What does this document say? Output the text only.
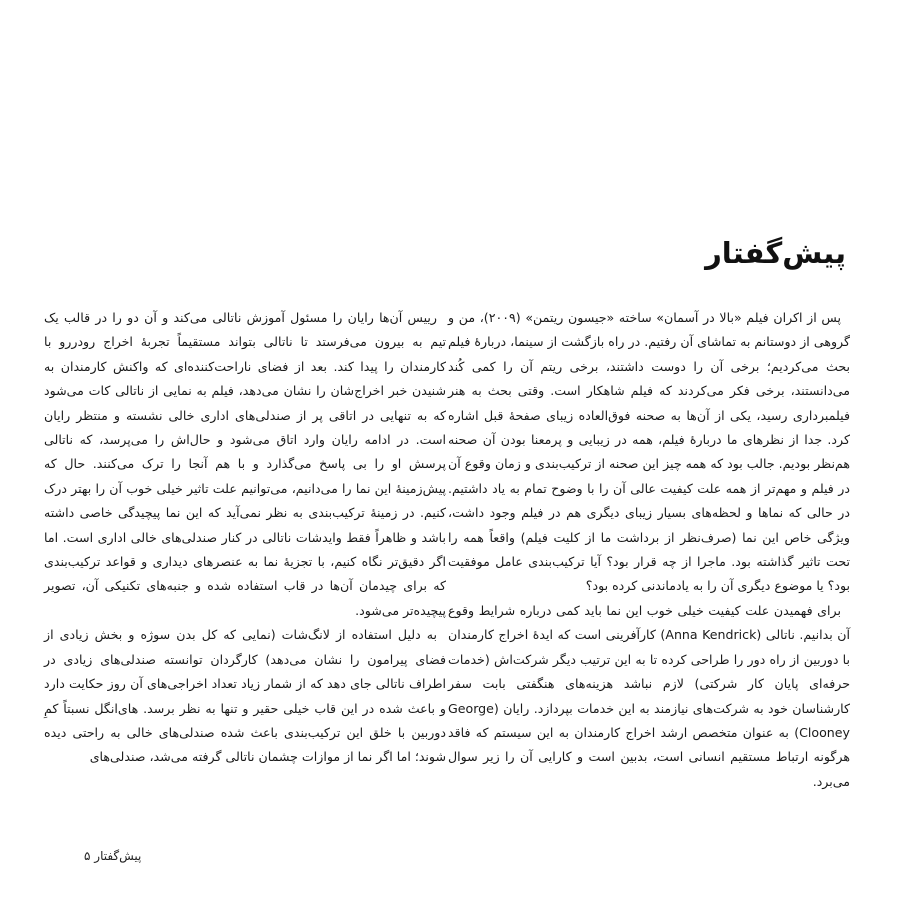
پیش‌گفتار

پس از اکران فیلم «بالا در آسمان» ساخته «جیسون ریتمن» (۲۰۰۹)، من و گروهی از دوستانم به تماشای آن رفتیم. در راه بازگشت از سینما، دربارهٔ فیلم بحث می‌کردیم؛ برخی آن را دوست داشتند، برخی ریتم آن را کمی کُند می‌دانستند، برخی فکر می‌کردند که فیلم شاهکار است. وقتی بحث به هنر فیلمبرداری رسید، یکی از آن‌ها به صحنه فوق‌العاده زیبای صفحهٔ قبل اشاره کرد. جدا از نظرهای ما دربارهٔ فیلم، همه در زیبایی و پرمعنا بودن آن صحنه هم‌نظر بودیم. جالب بود که همه چیز این صحنه از ترکیب‌بندی و زمان وقوع آن در فیلم و مهم‌تر از همه علت کیفیت عالی آن را با وضوح تمام به یاد داشتیم. در حالی که نماها و لحظه‌های بسیار زیبای دیگری هم در فیلم وجود داشت، ویژگی خاص این نما (صرف‌نظر از برداشت ما از کلیت فیلم) واقعاً همه را تحت تاثیر گذاشته بود. ماجرا از چه قرار بود؟ آیا ترکیب‌بندی عامل موفقیت بود؟ یا موضوع دیگری آن را به یادماندنی کرده بود؟

برای فهمیدن علت کیفیت خیلی خوب این نما باید کمی درباره شرایط وقوع آن بدانیم. ناتالی (Anna Kendrick) کارآفرینی است که ایدهٔ اخراج کارمندان با دوربین از راه دور را طراحی کرده تا به این ترتیب دیگر شرکت‌اش (خدمات حرفه‌ای پایان کار شرکتی) لازم نباشد هزینه‌های هنگفتی بابت سفر کارشناسان خود به شرکت‌های نیازمند به این خدمات بپردازد. رایان (George Clooney) به عنوان متخصص ارشد اخراج کارمندان به این سیستم که فاقد هرگونه ارتباط مستقیم انسانی است، بدبین است و کارایی آن را زیر سوال می‌برد.

رییس آن‌ها رایان را مسئول آموزش ناتالی می‌کند و آن دو را در قالب یک تیم به بیرون می‌فرستد تا ناتالی بتواند مستقیماً تجربهٔ اخراج رودررو با کارمندان را پیدا کند. بعد از فضای ناراحت‌کننده‌ای که واکنش کارمندان به شنیدن خبر اخراج‌شان را نشان می‌دهد، فیلم به نمایی از ناتالی کات می‌شود که به تنهایی در اتاقی پر از صندلی‌های اداری خالی نشسته و منتظر رایان است. در ادامه رایان وارد اتاق می‌شود و حال‌اش را می‌پرسد، که ناتالی پرسش او را بی پاسخ می‌گذارد و با هم آنجا را ترک می‌کنند. حال که پیش‌زمینهٔ این نما را می‌دانیم، می‌توانیم علت تاثیر خیلی خوب آن را بهتر درک کنیم. در زمینهٔ ترکیب‌بندی به نظر نمی‌آید که این نما پیچیدگی خاصی داشته باشد و ظاهراً فقط وایدشات ناتالی در کنار صندلی‌های خالی اداری است. اما اگر دقیق‌تر نگاه کنیم، با تجزیهٔ نما به عنصرهای دیداری و قواعد ترکیب‌بندی که برای چیدمان آن‌ها در قاب استفاده شده و جنبه‌های تکنیکی آن، تصویر پیچیده‌تر می‌شود.

به دلیل استفاده از لانگ‌شات (نمایی که کل بدن سوژه و بخش زیادی از فضای پیرامون را نشان می‌دهد) کارگردان توانسته صندلی‌های زیادی در اطراف ناتالی جای دهد که از شمار زیاد تعداد اخراجی‌های آن روز حکایت دارد و باعث شده در این قاب خیلی حقیر و تنها به نظر برسد. های‌انگل نسبتاً کمِ دوربین با خلق این ترکیب‌بندی باعث شده صندلی‌های خالی به راحتی دیده شوند؛ اما اگر نما از موازات چشمان ناتالی گرفته می‌شد، صندلی‌های

پیش‌گفتار ۵
